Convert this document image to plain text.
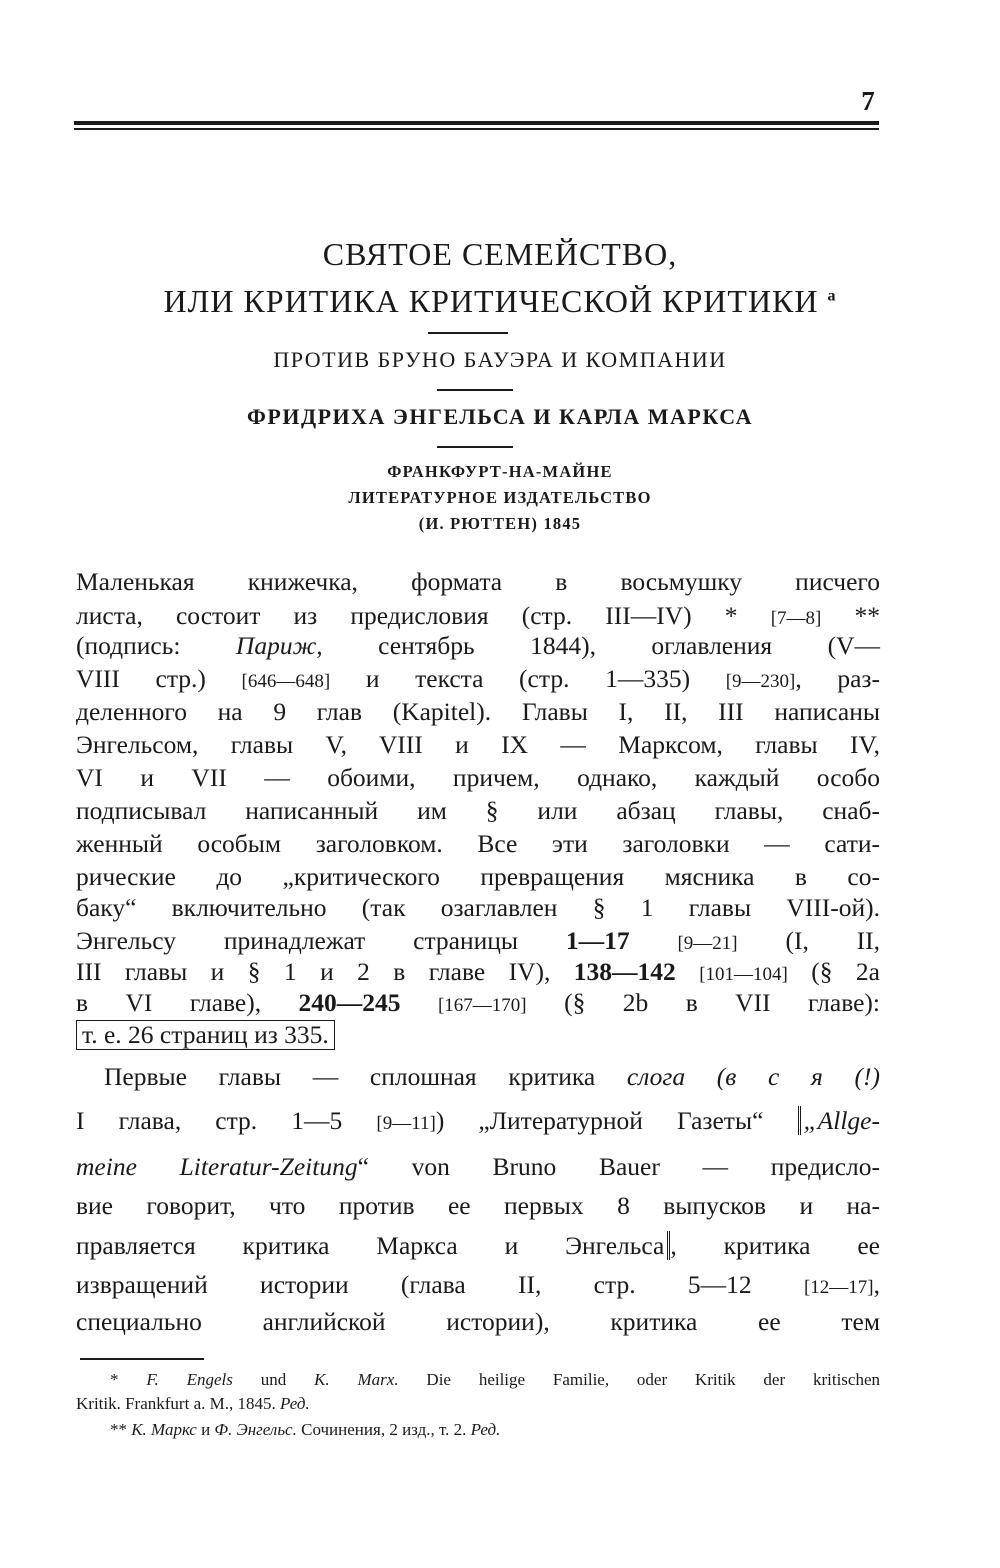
7
СВЯТОЕ СЕМЕЙСТВО,
ИЛИ КРИТИКА КРИТИЧЕСКОЙ КРИТИКИ $^a$
ПРОТИВ БРУНО БАУЭРА И КОМПАНИИ
ФРИДРИХА ЭНГЕЛЬСА И КАРЛА МАРКСА
ФРАНКФУРТ-НА-МАЙНЕ
ЛИТЕРАТУРНОЕ ИЗДАТЕЛЬСТВО
(И. РЮТТЕН) 1845
Маленькая книжечка, формата в восьмушку писчего
листа, состоит из предисловия (стр. III—IV) * [7—8] **
(подпись: Париж, сентябрь 1844), оглавления (V—
VIII стр.) [646—648] и текста (стр. 1—335) [9—230], раз-
деленного на 9 глав (Kapitel). Главы I, II, III написаны
Энгельсом, главы V, VIII и IX — Марксом, главы IV,
VI и VII — обоими, причем, однако, каждый особо
подписывал написанный им § или абзац главы, снаб-
женный особым заголовком. Все эти заголовки — сати-
рические до „критического превращения мясника в со-
баку“ включительно (так озаглавлен § 1 главы VIII-ой).
Энгельсу принадлежат страницы 1—17	[9—21] (I, II,
III главы и § 1 и 2 в главе IV), 138—142 [101—104] (§ 2a
в VI главе), 240—245 [167—170] (§ 2b в VII главе):
т. е. 26 страниц из 335.
Первые главы — сплошная критика слога (в с я (!)
I глава, стр. 1—5 [9—11]) „Литературной Газеты“ „Allge-
meine Literatur-Zeitung“ von Bruno Bauer — предисло-
вие говорит, что против ее первых 8 выпусков и на-
правляется критика Маркса и Энгельса , критика ее
извращений истории (глава II, стр. 5—12 [12—17],
специально английской истории), критика ее тем
* F. Engels und K. Marx. Die heilige Familie, oder Kritik der kritischen
Kritik. Frankfurt a. M., 1845. Ред.
** К. Маркс и Ф. Энгельс. Сочинения, 2 изд., т. 2. Ред.
